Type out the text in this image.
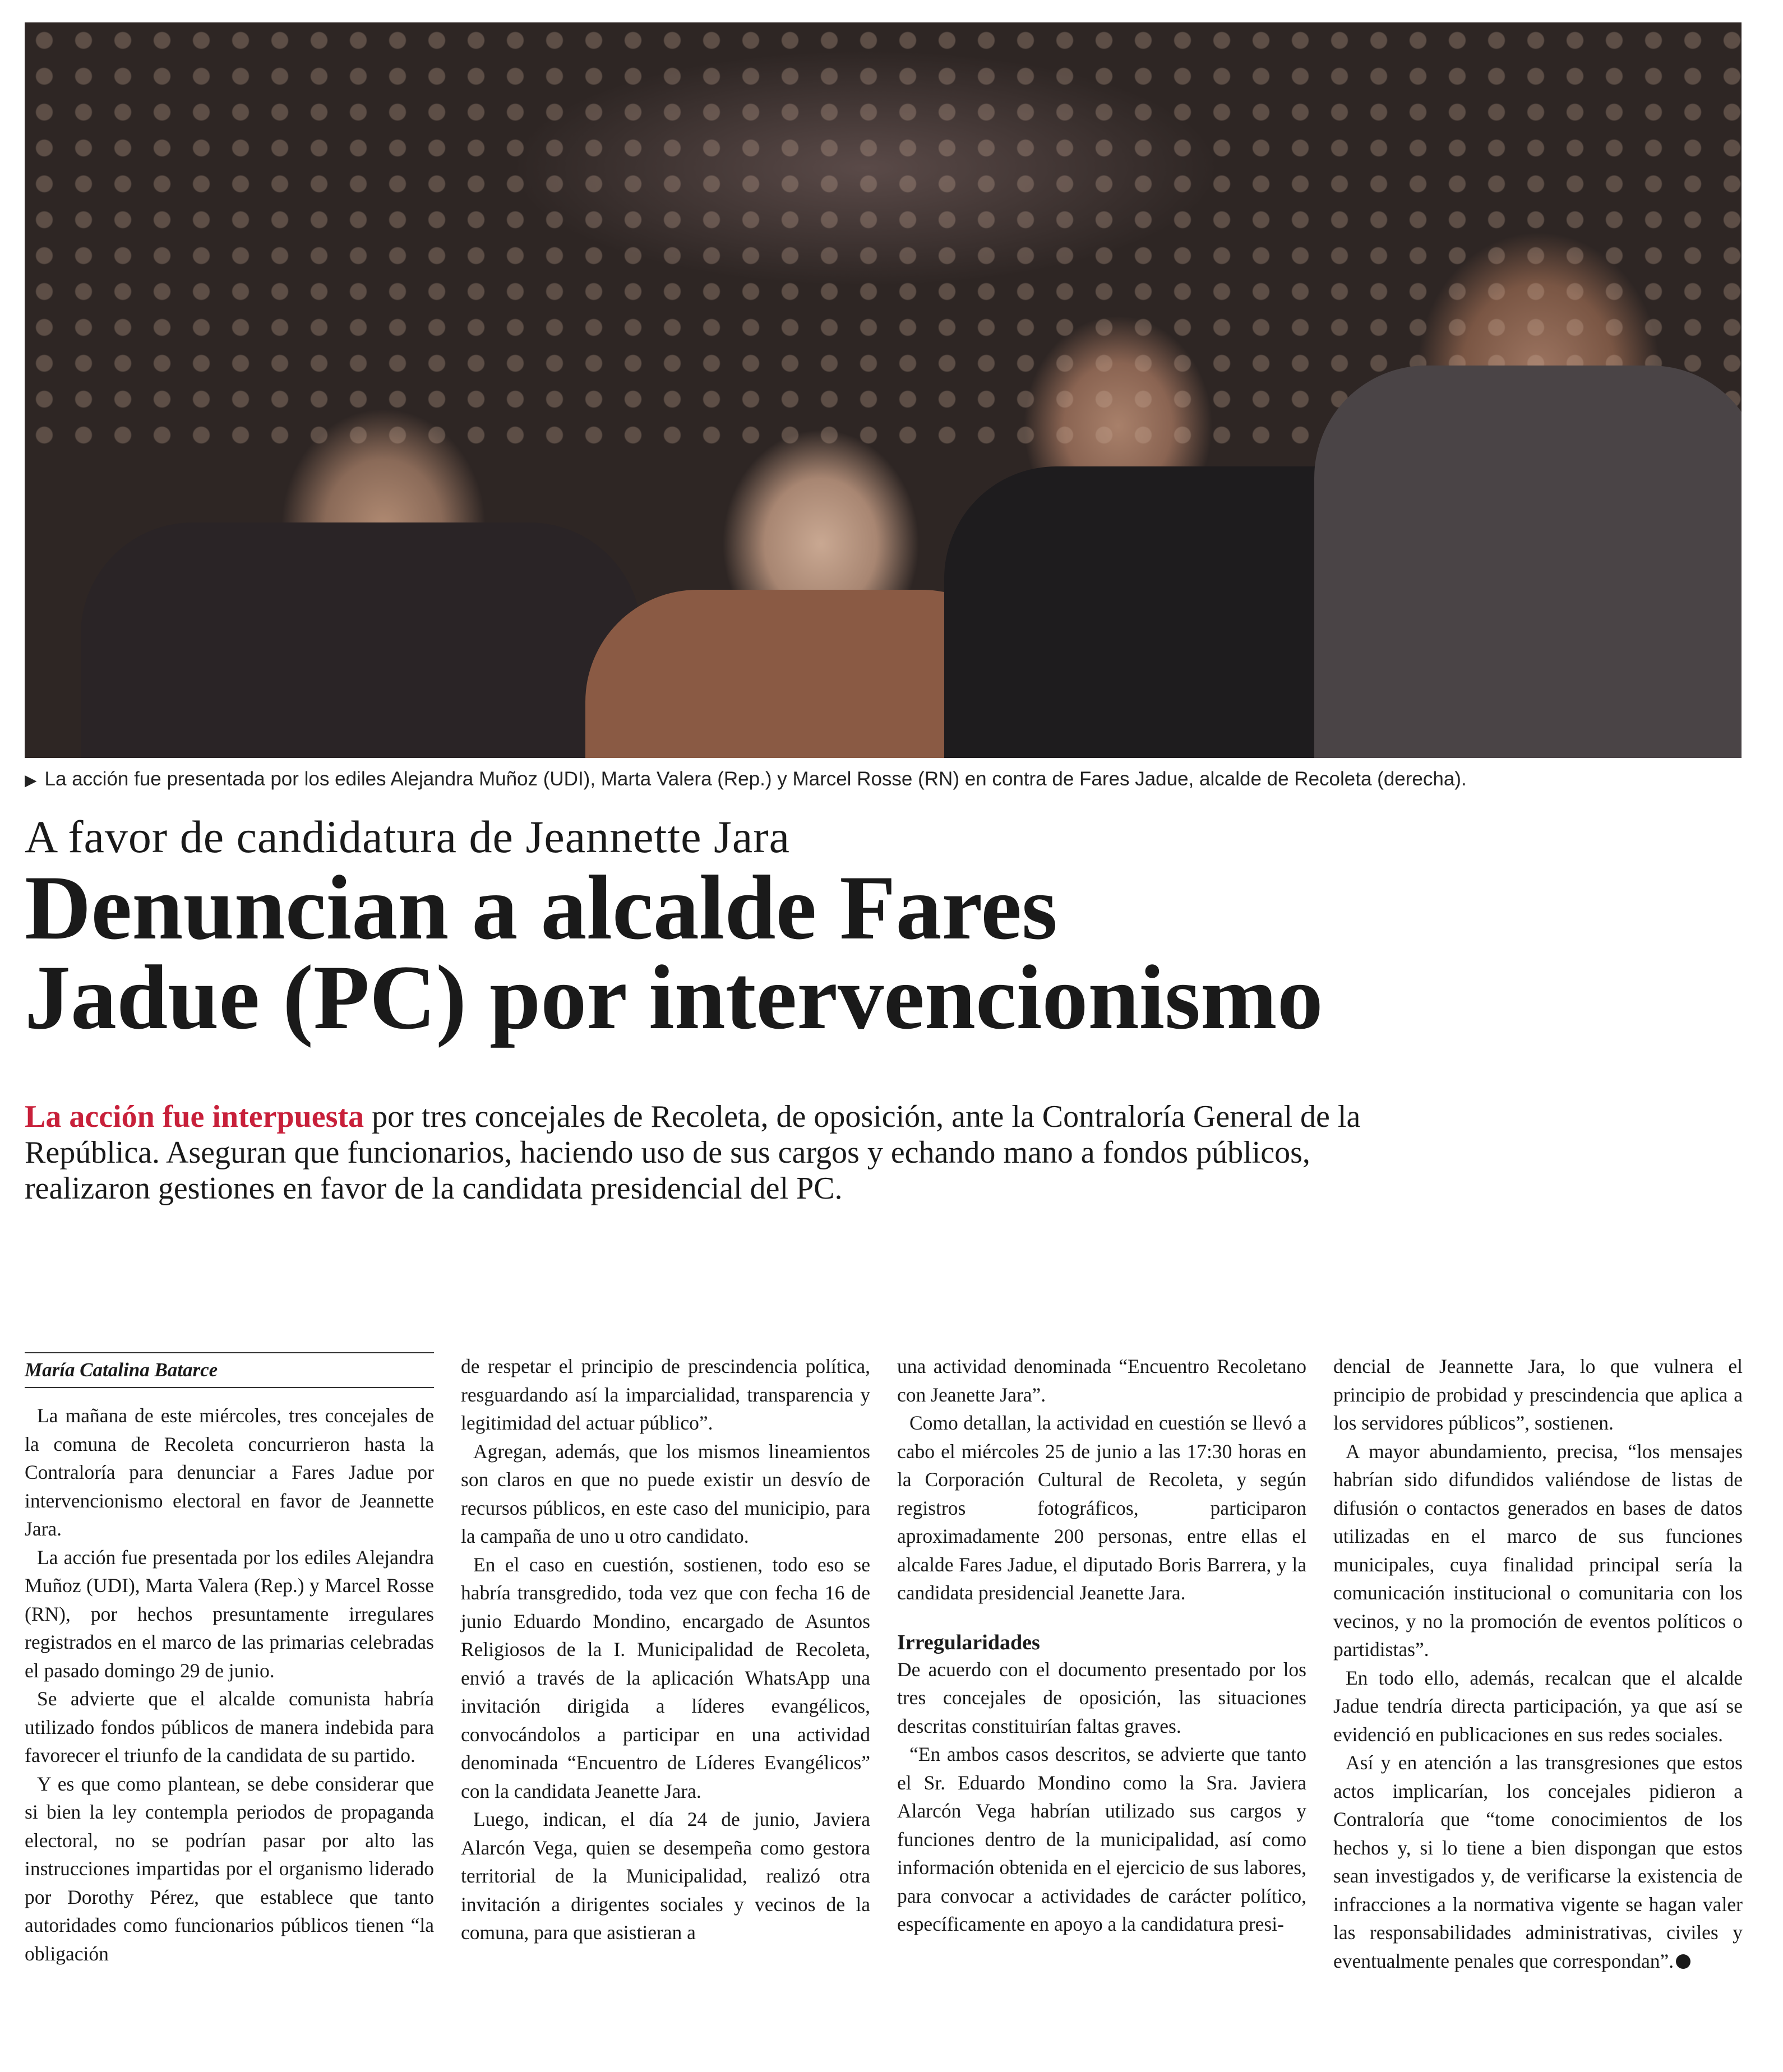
▶ La acción fue presentada por los ediles Alejandra Muñoz (UDI), Marta Valera (Rep.) y Marcel Rosse (RN) en contra de Fares Jadue, alcalde de Recoleta (derecha).
A favor de candidatura de Jeannette Jara
Denuncian a alcalde Fares
Jadue (PC) por intervencionismo
La acción fue interpuesta por tres concejales de Recoleta, de oposición, ante la Contraloría General de la República. Aseguran que funcionarios, haciendo uso de sus cargos y echando mano a fondos públicos, realizaron gestiones en favor de la candidata presidencial del PC.
María Catalina Batarce

La mañana de este miércoles, tres concejales de la comuna de Recoleta concurrieron hasta la Contraloría para denunciar a Fares Jadue por intervencionismo electoral en favor de Jeannette Jara.

La acción fue presentada por los ediles Alejandra Muñoz (UDI), Marta Valera (Rep.) y Marcel Rosse (RN), por hechos presuntamente irregulares registrados en el marco de las primarias celebradas el pasado domingo 29 de junio.

Se advierte que el alcalde comunista habría utilizado fondos públicos de manera indebida para favorecer el triunfo de la candidata de su partido.

Y es que como plantean, se debe considerar que si bien la ley contempla periodos de propaganda electoral, no se podrían pasar por alto las instrucciones impartidas por el organismo liderado por Dorothy Pérez, que establece que tanto autoridades como funcionarios públicos tienen “la obligación

de respetar el principio de prescindencia política, resguardando así la imparcialidad, transparencia y legitimidad del actuar público”.

Agregan, además, que los mismos lineamientos son claros en que no puede existir un desvío de recursos públicos, en este caso del municipio, para la campaña de uno u otro candidato.

En el caso en cuestión, sostienen, todo eso se habría transgredido, toda vez que con fecha 16 de junio Eduardo Mondino, encargado de Asuntos Religiosos de la I. Municipalidad de Recoleta, envió a través de la aplicación WhatsApp una invitación dirigida a líderes evangélicos, convocándolos a participar en una actividad denominada “Encuentro de Líderes Evangélicos” con la candidata Jeanette Jara.

Luego, indican, el día 24 de junio, Javiera Alarcón Vega, quien se desempeña como gestora territorial de la Municipalidad, realizó otra invitación a dirigentes sociales y vecinos de la comuna, para que asistieran a

una actividad denominada “Encuentro Recoletano con Jeanette Jara”.

Como detallan, la actividad en cuestión se llevó a cabo el miércoles 25 de junio a las 17:30 horas en la Corporación Cultural de Recoleta, y según registros fotográficos, participaron aproximadamente 200 personas, entre ellas el alcalde Fares Jadue, el diputado Boris Barrera, y la candidata presidencial Jeanette Jara.

Irregularidades

De acuerdo con el documento presentado por los tres concejales de oposición, las situaciones descritas constituirían faltas graves.

“En ambos casos descritos, se advierte que tanto el Sr. Eduardo Mondino como la Sra. Javiera Alarcón Vega habrían utilizado sus cargos y funciones dentro de la municipalidad, así como información obtenida en el ejercicio de sus labores, para convocar a actividades de carácter político, específicamente en apoyo a la candidatura presi-

dencial de Jeannette Jara, lo que vulnera el principio de probidad y prescindencia que aplica a los servidores públicos”, sostienen.

A mayor abundamiento, precisa, “los mensajes habrían sido difundidos valiéndose de listas de difusión o contactos generados en bases de datos utilizadas en el marco de sus funciones municipales, cuya finalidad principal sería la comunicación institucional o comunitaria con los vecinos, y no la promoción de eventos políticos o partidistas”.

En todo ello, además, recalcan que el alcalde Jadue tendría directa participación, ya que así se evidenció en publicaciones en sus redes sociales.

Así y en atención a las transgresiones que estos actos implicarían, los concejales pidieron a Contraloría que “tome conocimientos de los hechos y, si lo tiene a bien dispongan que estos sean investigados y, de verificarse la existencia de infracciones a la normativa vigente se hagan valer las responsabilidades administrativas, civiles y eventualmente penales que correspondan”.
